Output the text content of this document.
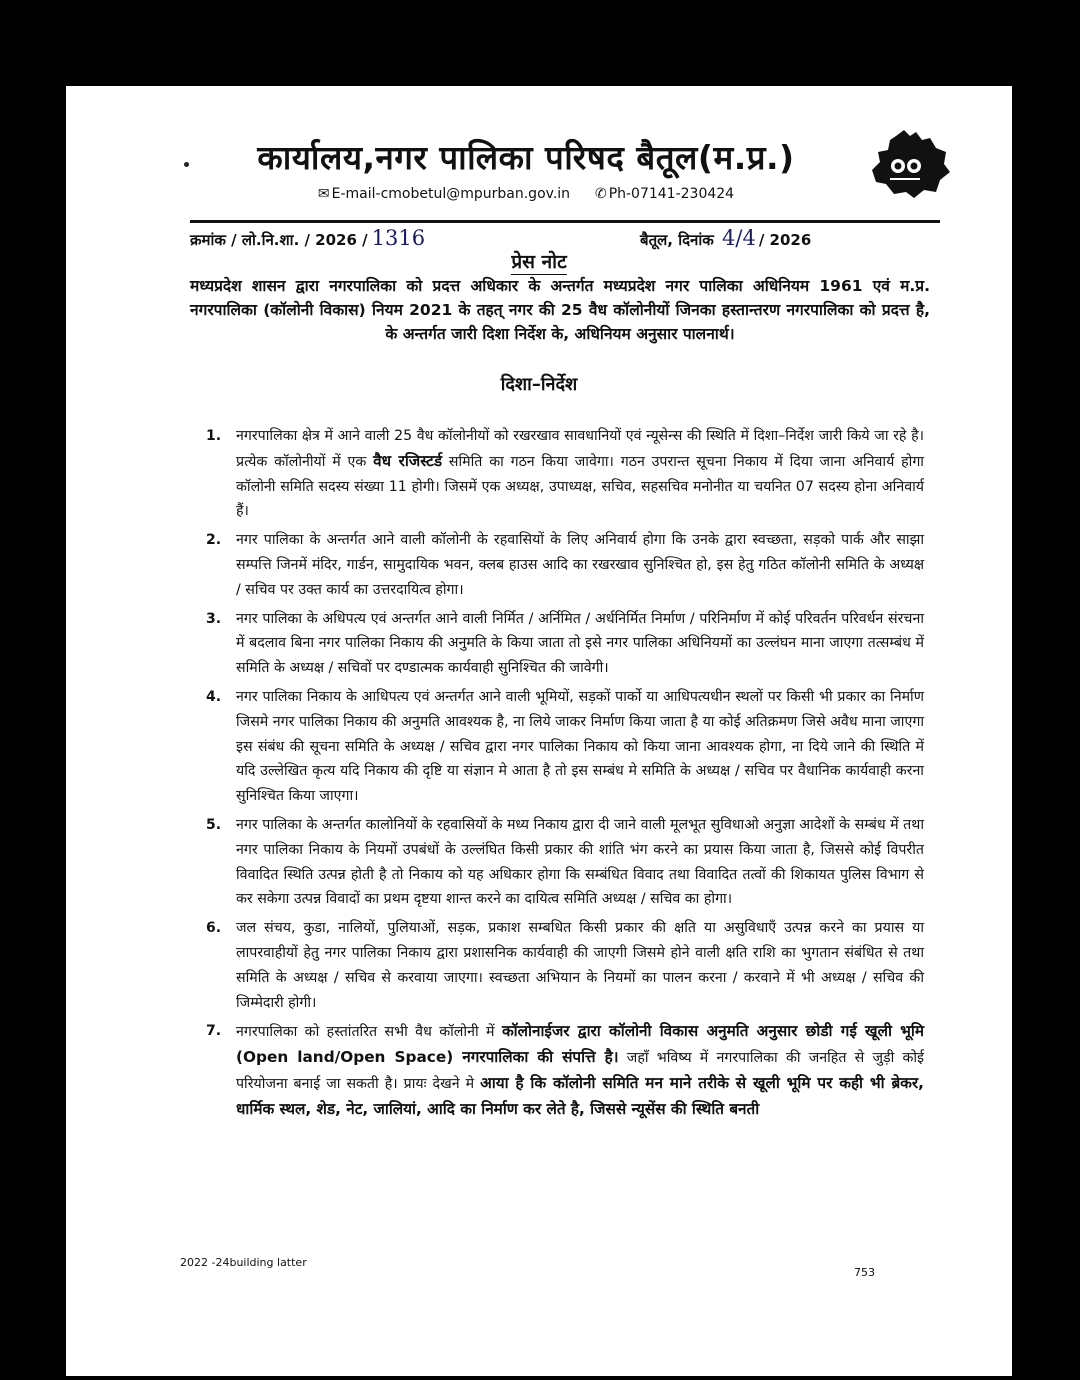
कार्यालय,नगर पालिका परिषद बैतूल(म.प्र.)
✉ E-mail-cmobetul@mpurban.gov.in ✆ Ph-07141-230424
क्रमांक / लो.नि.शा. / 2026 / 1316	बैतूल, दिनांक 4/4 / 2026
प्रेस नोट
मध्यप्रदेश शासन द्वारा नगरपालिका को प्रदत्त अधिकार के अन्तर्गत मध्यप्रदेश नगर पालिका अधिनियम 1961 एवं म.प्र. नगरपालिका (कॉलोनी विकास) नियम 2021 के तहत् नगर की 25 वैध कॉलोनीयों जिनका हस्तान्तरण नगरपालिका को प्रदत्त है, के अन्तर्गत जारी दिशा निर्देश के, अधिनियम अनुसार पालनार्थ।
दिशा–निर्देश
1. नगरपालिका क्षेत्र में आने वाली 25 वैध कॉलोनीयों को रखरखाव सावधानियों एवं न्यूसेन्स की स्थिति में दिशा–निर्देश जारी किये जा रहे है। प्रत्येक कॉलोनीयों में एक वैध रजिस्टर्ड समिति का गठन किया जावेगा। गठन उपरान्त सूचना निकाय में दिया जाना अनिवार्य होगा कॉलोनी समिति सदस्य संख्या 11 होगी। जिसमें एक अध्यक्ष, उपाध्यक्ष, सचिव, सहसचिव मनोनीत या चयनित 07 सदस्य होना अनिवार्य हैं।
2. नगर पालिका के अन्तर्गत आने वाली कॉलोनी के रहवासियों के लिए अनिवार्य होगा कि उनके द्वारा स्वच्छता, सड़को पार्क और साझा सम्पत्ति जिनमें मंदिर, गार्डन, सामुदायिक भवन, क्लब हाउस आदि का रखरखाव सुनिश्चित हो, इस हेतु गठित कॉलोनी समिति के अध्यक्ष / सचिव पर उक्त कार्य का उत्तरदायित्व होगा।
3. नगर पालिका के अधिपत्य एवं अन्तर्गत आने वाली निर्मित / अर्निमित / अर्धनिर्मित निर्माण / परिनिर्माण में कोई परिवर्तन परिवर्धन संरचना में बदलाव बिना नगर पालिका निकाय की अनुमति के किया जाता तो इसे नगर पालिका अधिनियमों का उल्लंघन माना जाएगा तत्सम्बंध में समिति के अध्यक्ष / सचिवों पर दण्डात्मक कार्यवाही सुनिश्चित की जावेगी।
4. नगर पालिका निकाय के आधिपत्य एवं अन्तर्गत आने वाली भूमियों, सड़कों पार्को या आधिपत्यधीन स्थलों पर किसी भी प्रकार का निर्माण जिसमे नगर पालिका निकाय की अनुमति आवश्यक है, ना लिये जाकर निर्माण किया जाता है या कोई अतिक्रमण जिसे अवैध माना जाएगा इस संबंध की सूचना समिति के अध्यक्ष / सचिव द्वारा नगर पालिका निकाय को किया जाना आवश्यक होगा, ना दिये जाने की स्थिति में यदि उल्लेखित कृत्य यदि निकाय की दृष्टि या संज्ञान मे आता है तो इस सम्बंध मे समिति के अध्यक्ष / सचिव पर वैधानिक कार्यवाही करना सुनिश्चित किया जाएगा।
5. नगर पालिका के अन्तर्गत कालोनियों के रहवासियों के मध्य निकाय द्वारा दी जाने वाली मूलभूत सुविधाओ अनुज्ञा आदेशों के सम्बंध में तथा नगर पालिका निकाय के नियमों उपबंधों के उल्लंघित किसी प्रकार की शांति भंग करने का प्रयास किया जाता है, जिससे कोई विपरीत विवादित स्थिति उत्पन्न होती है तो निकाय को यह अधिकार होगा कि सम्बंधित विवाद तथा विवादित तत्वों की शिकायत पुलिस विभाग से कर सकेगा उत्पन्न विवादों का प्रथम दृष्टया शान्त करने का दायित्व समिति अध्यक्ष / सचिव का होगा।
6. जल संचय, कुडा, नालियों, पुलियाओं, सड़क, प्रकाश सम्बधित किसी प्रकार की क्षति या असुविधाएँ उत्पन्न करने का प्रयास या लापरवाहीयों हेतु नगर पालिका निकाय द्वारा प्रशासनिक कार्यवाही की जाएगी जिसमे होने वाली क्षति राशि का भुगतान संबंधित से तथा समिति के अध्यक्ष / सचिव से करवाया जाएगा। स्वच्छता अभियान के नियमों का पालन करना / करवाने में भी अध्यक्ष / सचिव की जिम्मेदारी होगी।
7. नगरपालिका को हस्तांतरित सभी वैध कॉलोनी में कॉलोनाईजर द्वारा कॉलोनी विकास अनुमति अनुसार छोडी गई खूली भूमि (Open land/Open Space) नगरपालिका की संपत्ति है। जहाँ भविष्य में नगरपालिका की जनहित से जुड़ी कोई परियोजना बनाई जा सकती है। प्रायः देखने मे आया है कि कॉलोनी समिति मन माने तरीके से खूली भूमि पर कही भी ब्रेकर, धार्मिक स्थल, शेड, नेट, जालियां, आदि का निर्माण कर लेते है, जिससे न्यूसेंस की स्थिति बनती
2022 -24building latter
753
